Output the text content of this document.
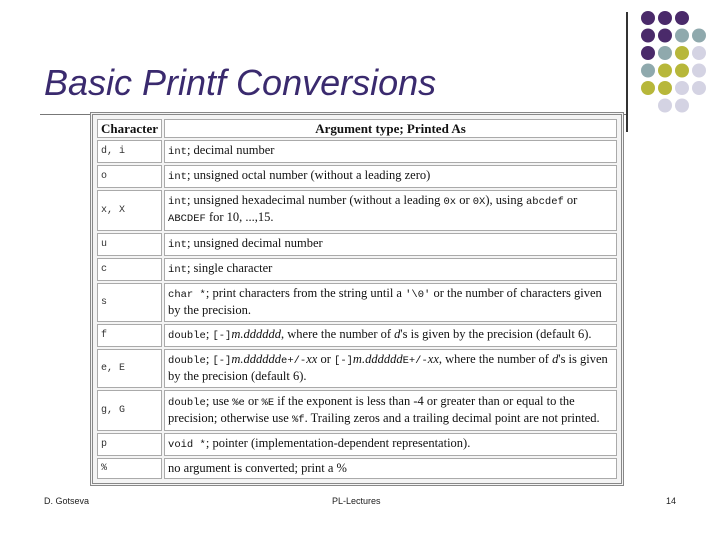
Basic Printf Conversions
Character	Argument type; Printed As
d, i	int; decimal number
o	int; unsigned octal number (without a leading zero)
x, X	int; unsigned hexadecimal number (without a leading 0x or 0X), using abcdef or ABCDEF for 10, ...,15.
u	int; unsigned decimal number
c	int; single character
s	char *; print characters from the string until a '\0' or the number of characters given by the precision.
f	double; [-]m.dddddd, where the number of d's is given by the precision (default 6).
e, E	double; [-]m.dddddde+/-xx or [-]m.ddddddE+/-xx, where the number of d's is given by the precision (default 6).
g, G	double; use %e or %E if the exponent is less than -4 or greater than or equal to the precision; otherwise use %f. Trailing zeros and a trailing decimal point are not printed.
p	void *; pointer (implementation-dependent representation).
%	no argument is converted; print a %
D. Gotseva	PL-Lectures	14
